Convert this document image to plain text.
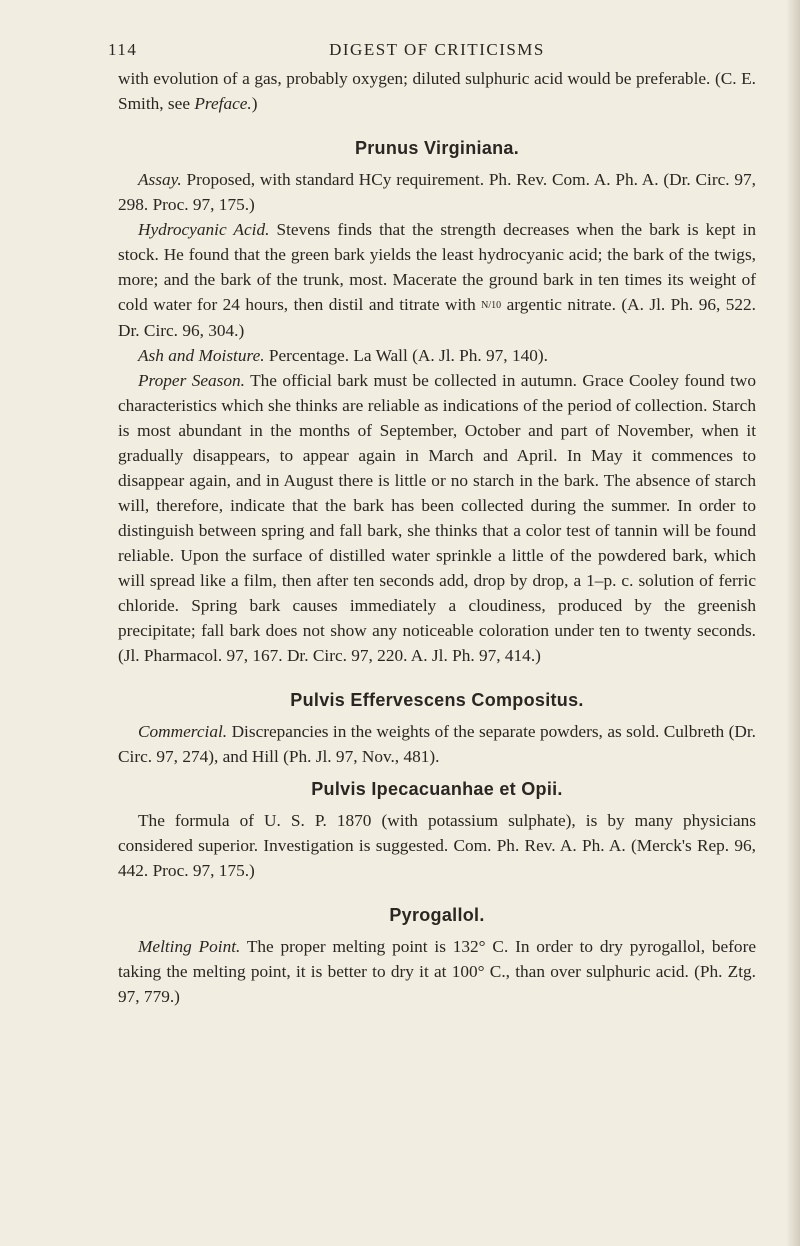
114	DIGEST OF CRITICISMS

with evolution of a gas, probably oxygen; diluted sulphuric acid would be preferable. (C. E. Smith, see Preface.)

Prunus Virginiana.

Assay. Proposed, with standard HCy requirement. Ph. Rev. Com. A. Ph. A. (Dr. Circ. 97, 298. Proc. 97, 175.)

Hydrocyanic Acid. Stevens finds that the strength decreases when the bark is kept in stock. He found that the green bark yields the least hydrocyanic acid; the bark of the twigs, more; and the bark of the trunk, most. Macerate the ground bark in ten times its weight of cold water for 24 hours, then distil and titrate with N/10 argentic nitrate. (A. Jl. Ph. 96, 522. Dr. Circ. 96, 304.)

Ash and Moisture. Percentage. La Wall (A. Jl. Ph. 97, 140).

Proper Season. The official bark must be collected in autumn. Grace Cooley found two characteristics which she thinks are reliable as indications of the period of collection. Starch is most abundant in the months of September, October and part of November, when it gradually disappears, to appear again in March and April. In May it commences to disappear again, and in August there is little or no starch in the bark. The absence of starch will, therefore, indicate that the bark has been collected during the summer. In order to distinguish between spring and fall bark, she thinks that a color test of tannin will be found reliable. Upon the surface of distilled water sprinkle a little of the powdered bark, which will spread like a film, then after ten seconds add, drop by drop, a 1–p. c. solution of ferric chloride. Spring bark causes immediately a cloudiness, produced by the greenish precipitate; fall bark does not show any noticeable coloration under ten to twenty seconds. (Jl. Pharmacol. 97, 167. Dr. Circ. 97, 220. A. Jl. Ph. 97, 414.)

Pulvis Effervescens Compositus.

Commercial. Discrepancies in the weights of the separate powders, as sold. Culbreth (Dr. Circ. 97, 274), and Hill (Ph. Jl. 97, Nov., 481).

Pulvis Ipecacuanhae et Opii.

The formula of U. S. P. 1870 (with potassium sulphate), is by many physicians considered superior. Investigation is suggested. Com. Ph. Rev. A. Ph. A. (Merck's Rep. 96, 442. Proc. 97, 175.)

Pyrogallol.

Melting Point. The proper melting point is 132° C. In order to dry pyrogallol, before taking the melting point, it is better to dry it at 100° C., than over sulphuric acid. (Ph. Ztg. 97, 779.)
